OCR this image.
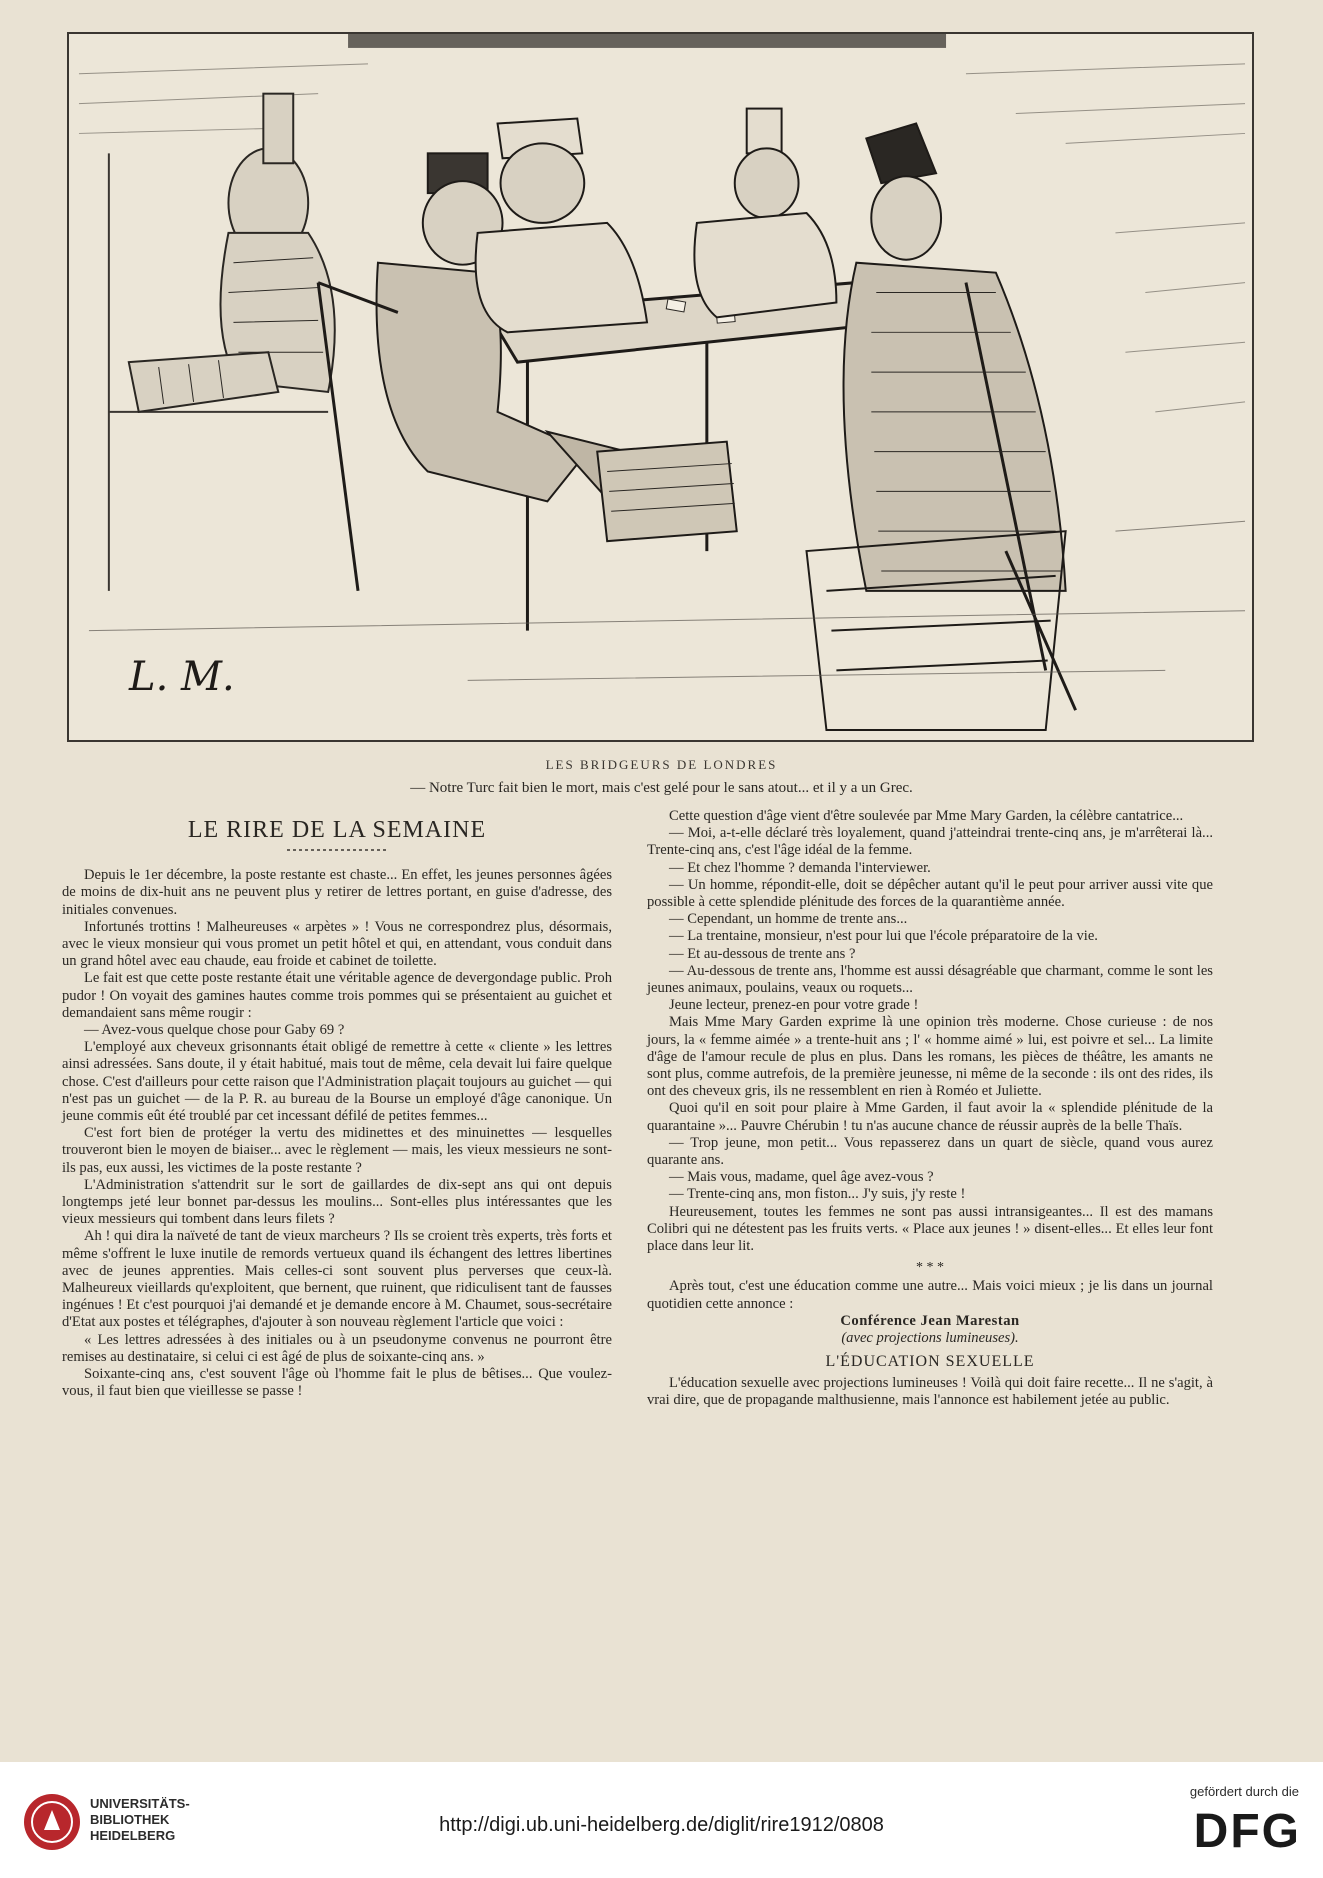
L. M.
LES BRIDGEURS DE LONDRES
— Notre Turc fait bien le mort, mais c'est gelé pour le sans atout... et il y a un Grec.
LE RIRE DE LA SEMAINE

Depuis le 1er décembre, la poste restante est chaste... En effet, les jeunes personnes âgées de moins de dix-huit ans ne peuvent plus y retirer de lettres portant, en guise d'adresse, des initiales convenues.

Infortunés trottins ! Malheureuses « arpètes » ! Vous ne correspondrez plus, désormais, avec le vieux monsieur qui vous promet un petit hôtel et qui, en attendant, vous conduit dans un grand hôtel avec eau chaude, eau froide et cabinet de toilette.

Le fait est que cette poste restante était une véritable agence de devergondage public. Proh pudor ! On voyait des gamines hautes comme trois pommes qui se présentaient au guichet et demandaient sans même rougir :

— Avez-vous quelque chose pour Gaby 69 ?

L'employé aux cheveux grisonnants était obligé de remettre à cette « cliente » les lettres ainsi adressées. Sans doute, il y était habitué, mais tout de même, cela devait lui faire quelque chose. C'est d'ailleurs pour cette raison que l'Administration plaçait toujours au guichet — qui n'est pas un guichet — de la P. R. au bureau de la Bourse un employé d'âge canonique. Un jeune commis eût été troublé par cet incessant défilé de petites femmes...

C'est fort bien de protéger la vertu des midinettes et des minuinettes — lesquelles trouveront bien le moyen de biaiser... avec le règlement — mais, les vieux messieurs ne sont-ils pas, eux aussi, les victimes de la poste restante ?

L'Administration s'attendrit sur le sort de gaillardes de dix-sept ans qui ont depuis longtemps jeté leur bonnet par-dessus les moulins... Sont-elles plus intéressantes que les vieux messieurs qui tombent dans leurs filets ?

Ah ! qui dira la naïveté de tant de vieux marcheurs ? Ils se croient très experts, très forts et même s'offrent le luxe inutile de remords vertueux quand ils échangent des lettres libertines avec de jeunes apprenties. Mais celles-ci sont souvent plus perverses que ceux-là. Malheureux vieillards qu'exploitent, que bernent, que ruinent, que ridiculisent tant de fausses ingénues ! Et c'est pourquoi j'ai demandé et je demande encore à M. Chaumet, sous-secrétaire d'Etat aux postes et télégraphes, d'ajouter à son nouveau règlement l'article que voici :

« Les lettres adressées à des initiales ou à un pseudonyme convenus ne pourront être remises au destinataire, si celui ci est âgé de plus de soixante-cinq ans. »

Soixante-cinq ans, c'est souvent l'âge où l'homme fait le plus de bêtises... Que voulez-vous, il faut bien que vieillesse se passe !

Cette question d'âge vient d'être soulevée par Mme Mary Garden, la célèbre cantatrice...

— Moi, a-t-elle déclaré très loyalement, quand j'atteindrai trente-cinq ans, je m'arrêterai là... Trente-cinq ans, c'est l'âge idéal de la femme.

— Et chez l'homme ? demanda l'interviewer.

— Un homme, répondit-elle, doit se dépêcher autant qu'il le peut pour arriver aussi vite que possible à cette splendide plénitude des forces de la quarantième année.

— Cependant, un homme de trente ans...

— La trentaine, monsieur, n'est pour lui que l'école préparatoire de la vie.

— Et au-dessous de trente ans ?

— Au-dessous de trente ans, l'homme est aussi désagréable que charmant, comme le sont les jeunes animaux, poulains, veaux ou roquets...

Jeune lecteur, prenez-en pour votre grade !

Mais Mme Mary Garden exprime là une opinion très moderne. Chose curieuse : de nos jours, la « femme aimée » a trente-huit ans ; l' « homme aimé » lui, est poivre et sel... La limite d'âge de l'amour recule de plus en plus. Dans les romans, les pièces de théâtre, les amants ne sont plus, comme autrefois, de la première jeunesse, ni même de la seconde : ils ont des rides, ils ont des cheveux gris, ils ne ressemblent en rien à Roméo et Juliette.

Quoi qu'il en soit pour plaire à Mme Garden, il faut avoir la « splendide plénitude de la quarantaine »... Pauvre Chérubin ! tu n'as aucune chance de réussir auprès de la belle Thaïs.

— Trop jeune, mon petit... Vous repasserez dans un quart de siècle, quand vous aurez quarante ans.

— Mais vous, madame, quel âge avez-vous ?

— Trente-cinq ans, mon fiston... J'y suis, j'y reste !

Heureusement, toutes les femmes ne sont pas aussi intransigeantes... Il est des mamans Colibri qui ne détestent pas les fruits verts. « Place aux jeunes ! » disent-elles... Et elles leur font place dans leur lit.

* * *

Après tout, c'est une éducation comme une autre... Mais voici mieux ; je lis dans un journal quotidien cette annonce :

Conférence Jean Marestan

(avec projections lumineuses).

L'ÉDUCATION SEXUELLE

L'éducation sexuelle avec projections lumineuses ! Voilà qui doit faire recette... Il ne s'agit, à vrai dire, que de propagande malthusienne, mais l'annonce est habilement jetée au public.

UNIVERSITÄTS-
BIBLIOTHEK
HEIDELBERG	http://digi.ub.uni-heidelberg.de/diglit/rire1912/0808
gefördert durch die
DFG
